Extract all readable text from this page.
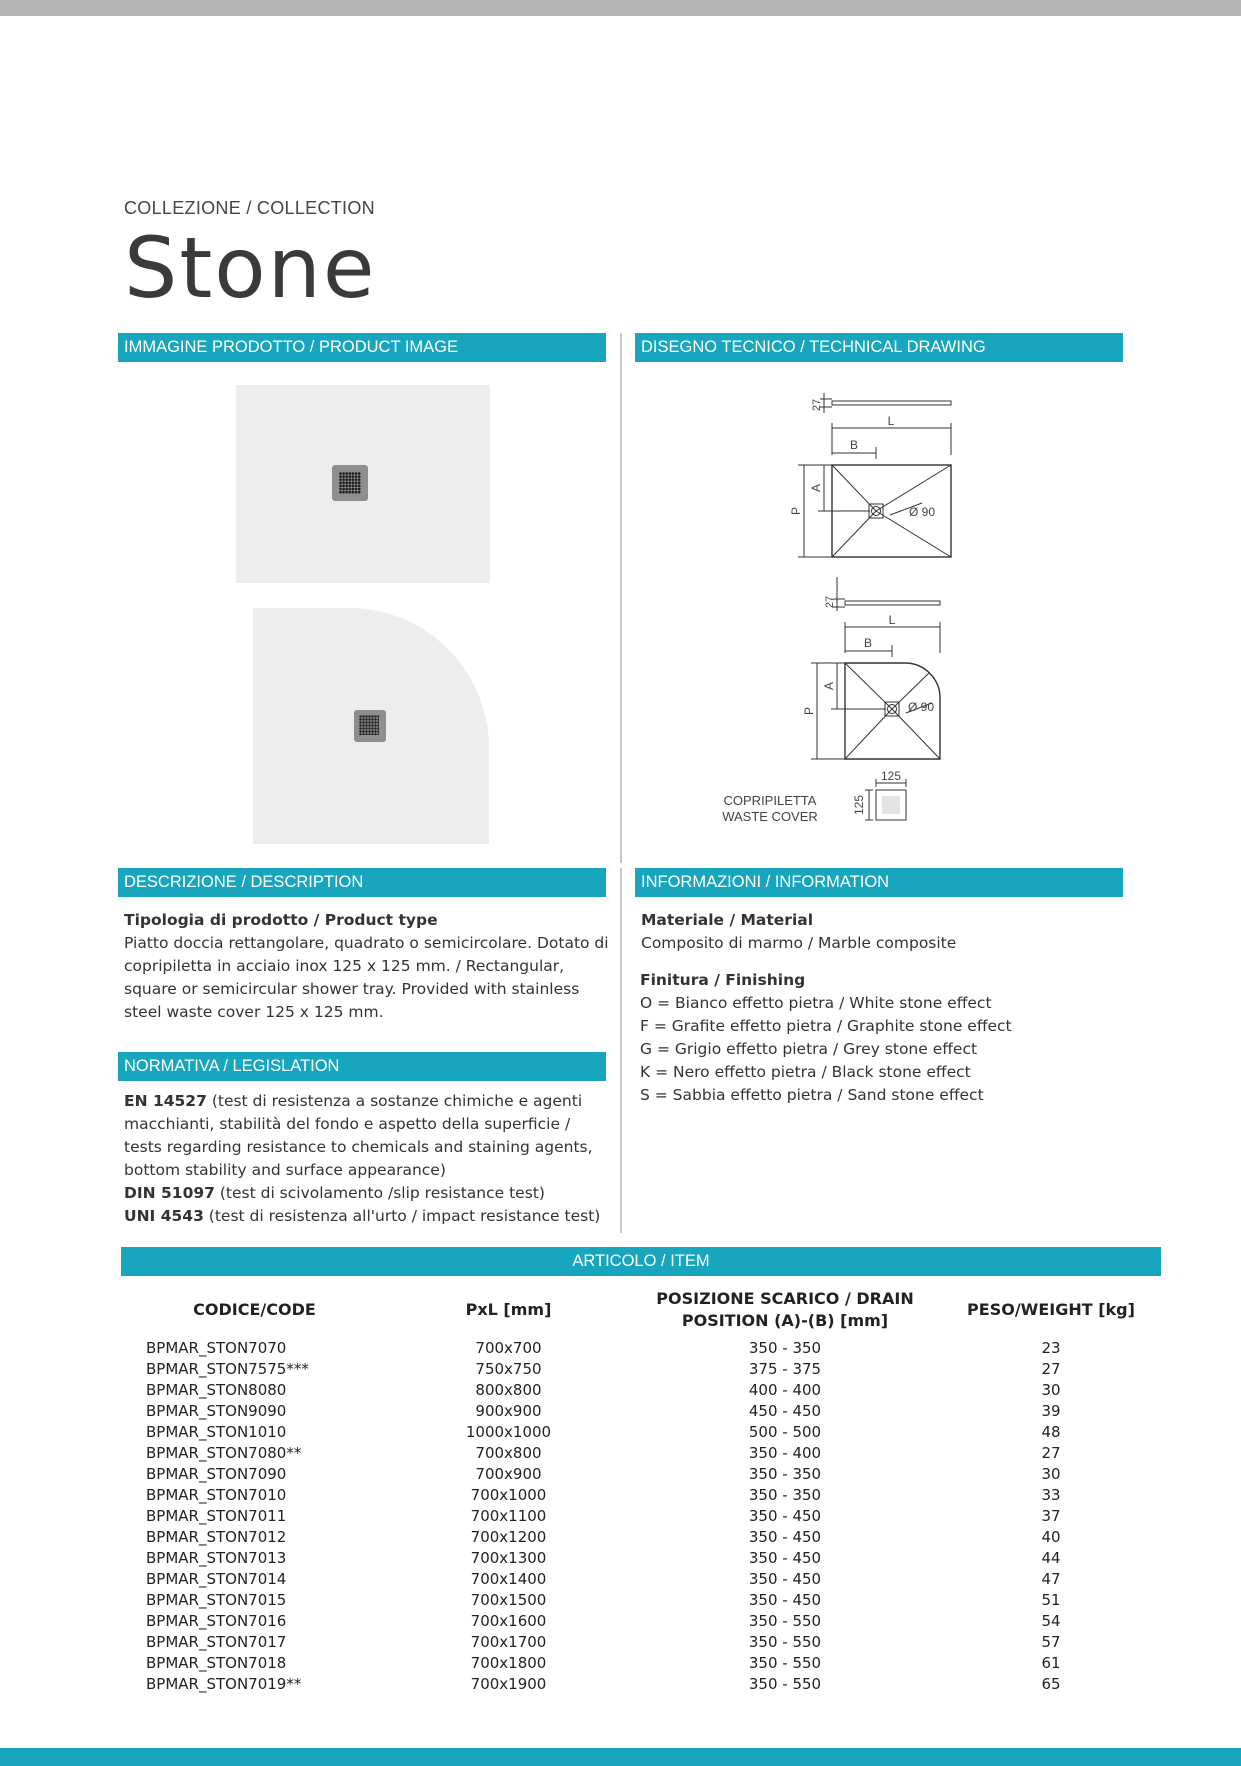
COLLEZIONE / COLLECTION
Stone
IMMAGINE PRODOTTO / PRODUCT IMAGE	DISEGNO TECNICO / TECHNICAL DRAWING
27
L
B
A
P	Ø 90
27
L
B
A
P	Ø 90
125
125
COPRIPILETTA
WASTE COVER
DESCRIZIONE / DESCRIPTION	INFORMAZIONI / INFORMATION

Tipologia di prodotto / Product type

Piatto doccia rettangolare, quadrato o semicircolare. Dotato di copripiletta in acciaio inox 125 x 125 mm. / Rectangular, square or semicircular shower tray. Provided with stainless steel waste cover 125 x 125 mm.

Materiale / Material

Composito di marmo / Marble composite

Finitura / Finishing

O = Bianco effetto pietra / White stone effect

F = Grafite effetto pietra / Graphite stone effect

G = Grigio effetto pietra / Grey stone effect

K = Nero effetto pietra / Black stone effect

S = Sabbia effetto pietra / Sand stone effect

NORMATIVA / LEGISLATION

EN 14527 (test di resistenza a sostanze chimiche e agenti macchianti, stabilità del fondo e aspetto della superficie / tests regarding resistance to chemicals and staining agents, bottom stability and surface appearance)

DIN 51097 (test di scivolamento /slip resistance test)

UNI 4543 (test di resistenza all'urto / impact resistance test)

ARTICOLO / ITEM
CODICE/CODE	PxL [mm]	POSIZIONE SCARICO / DRAIN POSITION (A)-(B) [mm]	PESO/WEIGHT [kg]
BPMAR_STON7070	700x700	350 - 350	23
BPMAR_STON7575***	750x750	375 - 375	27
BPMAR_STON8080	800x800	400 - 400	30
BPMAR_STON9090	900x900	450 - 450	39
BPMAR_STON1010	1000x1000	500 - 500	48
BPMAR_STON7080**	700x800	350 - 400	27
BPMAR_STON7090	700x900	350 - 350	30
BPMAR_STON7010	700x1000	350 - 350	33
BPMAR_STON7011	700x1100	350 - 450	37
BPMAR_STON7012	700x1200	350 - 450	40
BPMAR_STON7013	700x1300	350 - 450	44
BPMAR_STON7014	700x1400	350 - 450	47
BPMAR_STON7015	700x1500	350 - 450	51
BPMAR_STON7016	700x1600	350 - 550	54
BPMAR_STON7017	700x1700	350 - 550	57
BPMAR_STON7018	700x1800	350 - 550	61
BPMAR_STON7019**	700x1900	350 - 550	65
